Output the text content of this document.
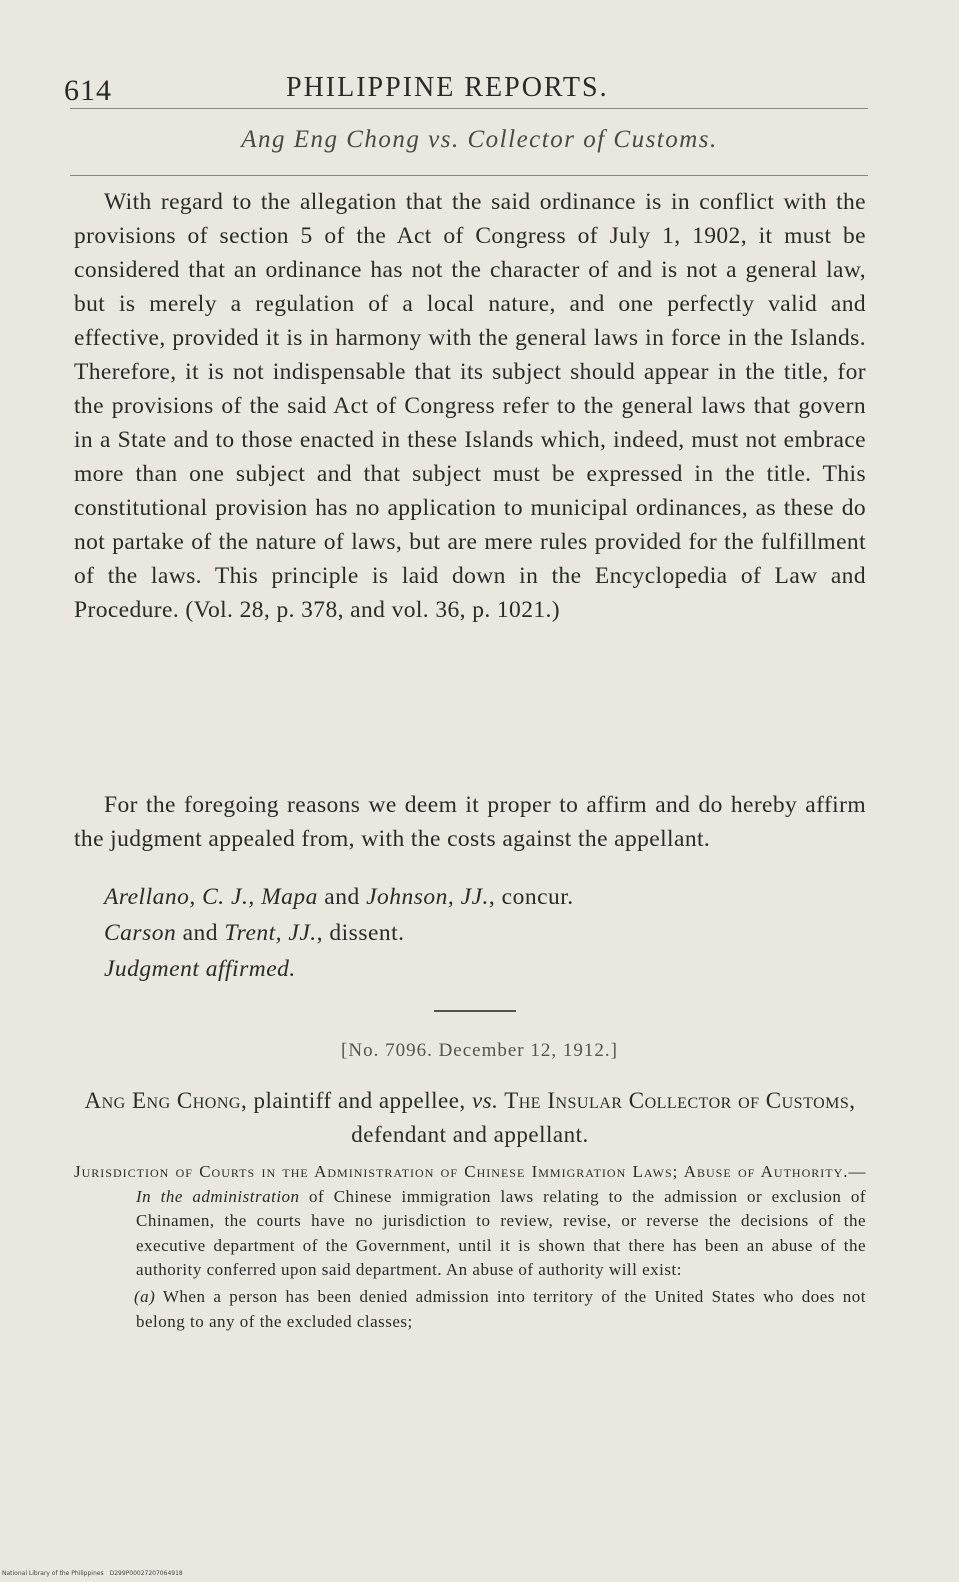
614	PHILIPPINE REPORTS.
Ang Eng Chong vs. Collector of Customs.
With regard to the allegation that the said ordinance is in conflict with the provisions of section 5 of the Act of Congress of July 1, 1902, it must be considered that an ordinance has not the character of and is not a general law, but is merely a regulation of a local nature, and one perfectly valid and effective, provided it is in harmony with the general laws in force in the Islands. Therefore, it is not indispensable that its subject should appear in the title, for the provisions of the said Act of Congress refer to the general laws that govern in a State and to those enacted in these Islands which, indeed, must not embrace more than one subject and that subject must be expressed in the title. This constitutional provision has no application to municipal ordinances, as these do not partake of the nature of laws, but are mere rules provided for the fulfillment of the laws. This principle is laid down in the Encyclopedia of Law and Procedure. (Vol. 28, p. 378, and vol. 36, p. 1021.)
For the foregoing reasons we deem it proper to affirm and do hereby affirm the judgment appealed from, with the costs against the appellant.
Arellano, C. J., Mapa and Johnson, JJ., concur.
Carson and Trent, JJ., dissent.
Judgment affirmed.
[No. 7096. December 12, 1912.]
Ang Eng Chong, plaintiff and appellee, vs. The Insular Collector of Customs, defendant and appellant.
Jurisdiction of Courts in the Administration of Chinese Immigration Laws; Abuse of Authority.—In the administration of Chinese immigration laws relating to the admission or exclusion of Chinamen, the courts have no jurisdiction to review, revise, or reverse the decisions of the executive department of the Government, until it is shown that there has been an abuse of the authority conferred upon said department. An abuse of authority will exist:
(a) When a person has been denied admission into territory of the United States who does not belong to any of the excluded classes;
National Library of the Philippines D299P00027207064918
